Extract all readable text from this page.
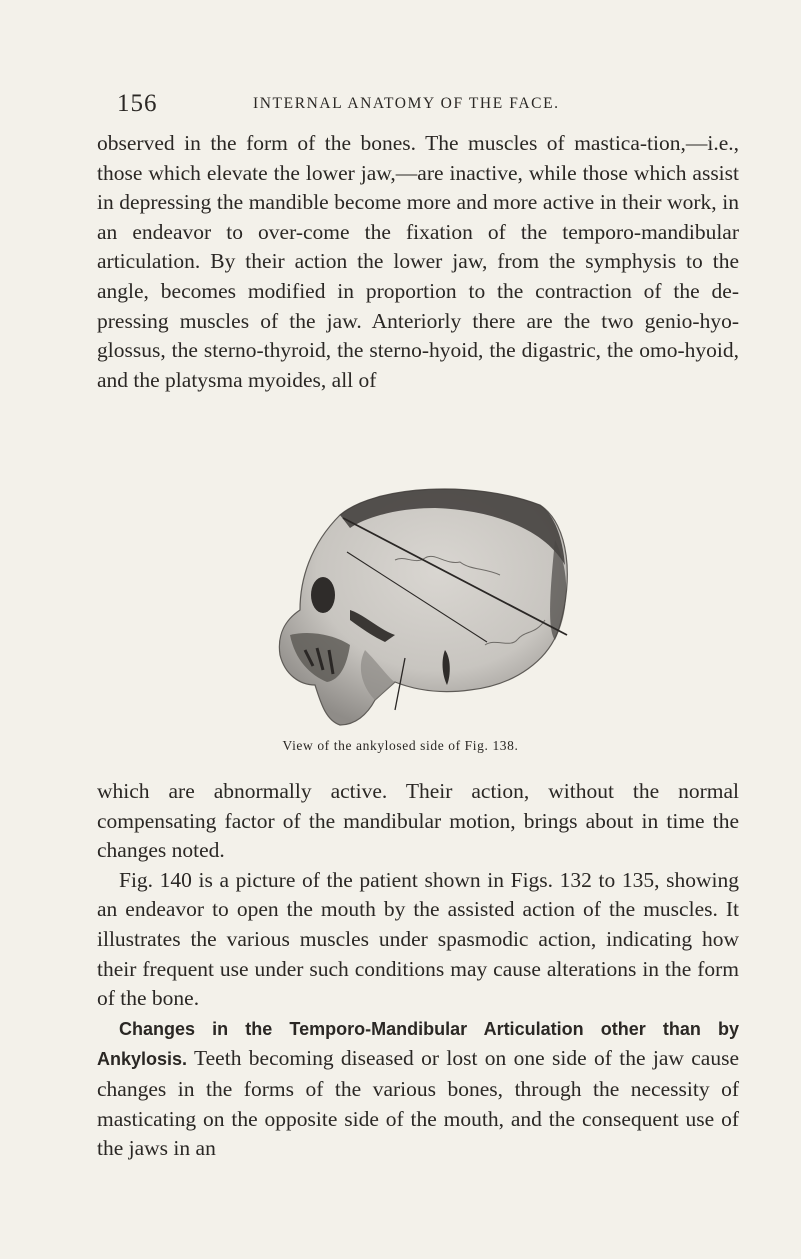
156	INTERNAL ANATOMY OF THE FACE.

observed in the form of the bones. The muscles of mastica-tion,—i.e., those which elevate the lower jaw,—are inactive, while those which assist in depressing the mandible become more and more active in their work, in an endeavor to over-come the fixation of the temporo-mandibular articulation. By their action the lower jaw, from the symphysis to the angle, becomes modified in proportion to the contraction of the de-pressing muscles of the jaw. Anteriorly there are the two genio-hyo-glossus, the sterno-thyroid, the sterno-hyoid, the digastric, the omo-hyoid, and the platysma myoides, all of

View of the ankylosed side of Fig. 138.

which are abnormally active. Their action, without the normal compensating factor of the mandibular motion, brings about in time the changes noted.

Fig. 140 is a picture of the patient shown in Figs. 132 to 135, showing an endeavor to open the mouth by the assisted action of the muscles. It illustrates the various muscles under spasmodic action, indicating how their frequent use under such conditions may cause alterations in the form of the bone.

Changes in the Temporo-Mandibular Articulation other than by Ankylosis. Teeth becoming diseased or lost on one side of the jaw cause changes in the forms of the various bones, through the necessity of masticating on the opposite side of the mouth, and the consequent use of the jaws in an
